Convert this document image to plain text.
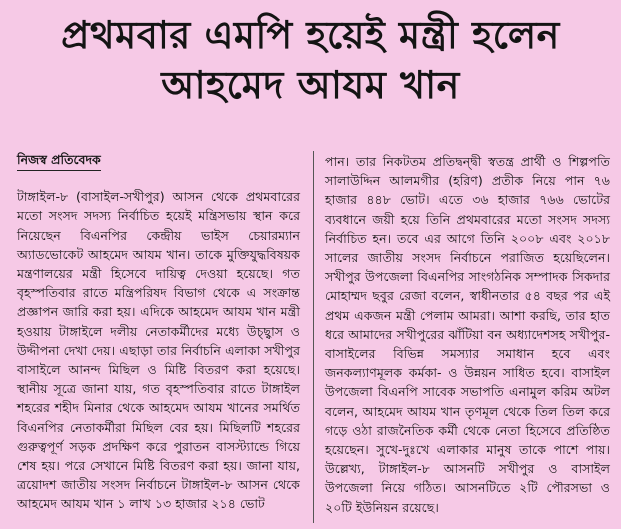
প্রথমবার এমপি হয়েই মন্ত্রী হলেন
আহমেদ আযম খান
নিজস্ব প্রতিবেদক

টাঙ্গাইল-৮ (বাসাইল-সখীপুর) আসন থেকে প্রথমবারের মতো সংসদ সদস্য নির্বাচিত হয়েই মন্ত্রিসভায় স্থান করে নিয়েছেন বিএনপির কেন্দ্রীয় ভাইস চেয়ারম্যান অ্যাডভোকেট আহমেদ আযম খান। তাকে মুক্তিযুদ্ধবিষয়ক মন্ত্রণালয়ের মন্ত্রী হিসেবে দায়িত্ব দেওয়া হয়েছে। গত বৃহস্পতিবার রাতে মন্ত্রিপরিষদ বিভাগ থেকে এ সংক্রান্ত প্রজ্ঞাপন জারি করা হয়। এদিকে আহমেদ আযম খান মন্ত্রী হওয়ায় টাঙ্গাইলে দলীয় নেতাকর্মীদের মধ্যে উচ্ছ্বাস ও উদ্দীপনা দেখা দেয়। এছাড়া তার নির্বাচনি এলাকা সখীপুর বাসাইলে আনন্দ মিছিল ও মিষ্টি বিতরণ করা হয়েছে। স্থানীয় সূত্রে জানা যায়, গত বৃহস্পতিবার রাতে টাঙ্গাইল শহরের শহীদ মিনার থেকে আহমেদ আযম খানের সমর্থিত বিএনপির নেতাকর্মীরা মিছিল বের হয়। মিছিলটি শহরের গুরুত্বপূর্ণ সড়ক প্রদক্ষিণ করে পুরাতন বাসস্ট্যান্ডে গিয়ে শেষ হয়। পরে সেখানে মিষ্টি বিতরণ করা হয়। জানা যায়, ত্রয়োদশ জাতীয় সংসদ নির্বাচনে টাঙ্গাইল-৮ আসন থেকে আহমেদ আযম খান ১ লাখ ১৩ হাজার ২১৪ ভোট

পান। তার নিকটতম প্রতিদ্বন্দ্বী স্বতন্ত্র প্রার্থী ও শিল্পপতি সালাউদ্দিন আলমগীর (হরিণ) প্রতীক নিয়ে পান ৭৬ হাজার ৪৪৮ ভোট। এতে ৩৬ হাজার ৭৬৬ ভোটের ব্যবধানে জয়ী হয়ে তিনি প্রথমবারের মতো সংসদ সদস্য নির্বাচিত হন। তবে এর আগে তিনি ২০০৮ এবং ২০১৮ সালের জাতীয় সংসদ নির্বাচনে পরাজিত হয়েছিলেন। সখীপুর উপজেলা বিএনপির সাংগঠনিক সম্পাদক সিকদার মোহাম্মদ ছবুর রেজা বলেন, স্বাধীনতার ৫৪ বছর পর এই প্রথম একজন মন্ত্রী পেলাম আমরা। আশা করছি, তার হাত ধরে আমাদের সখীপুরের ঝাঁটিয়া বন অধ্যাদেশসহ সখীপুর-বাসাইলের বিভিন্ন সমস্যার সমাধান হবে এবং জনকল্যাণমূলক কর্মকা- ও উন্নয়ন সাধিত হবে। বাসাইল উপজেলা বিএনপি সাবেক সভাপতি এনামুল করিম অটল বলেন, আহমেদ আযম খান তৃণমূল থেকে তিল তিল করে গড়ে ওঠা রাজনৈতিক কর্মী থেকে নেতা হিসেবে প্রতিষ্ঠিত হয়েছেন। সুখে-দুঃখে এলাকার মানুষ তাকে পাশে পায়। উল্লেখ্য, টাঙ্গাইল-৮ আসনটি সখীপুর ও বাসাইল উপজেলা নিয়ে গঠিত। আসনটিতে ২টি পৌরসভা ও ২০টি ইউনিয়ন রয়েছে।
